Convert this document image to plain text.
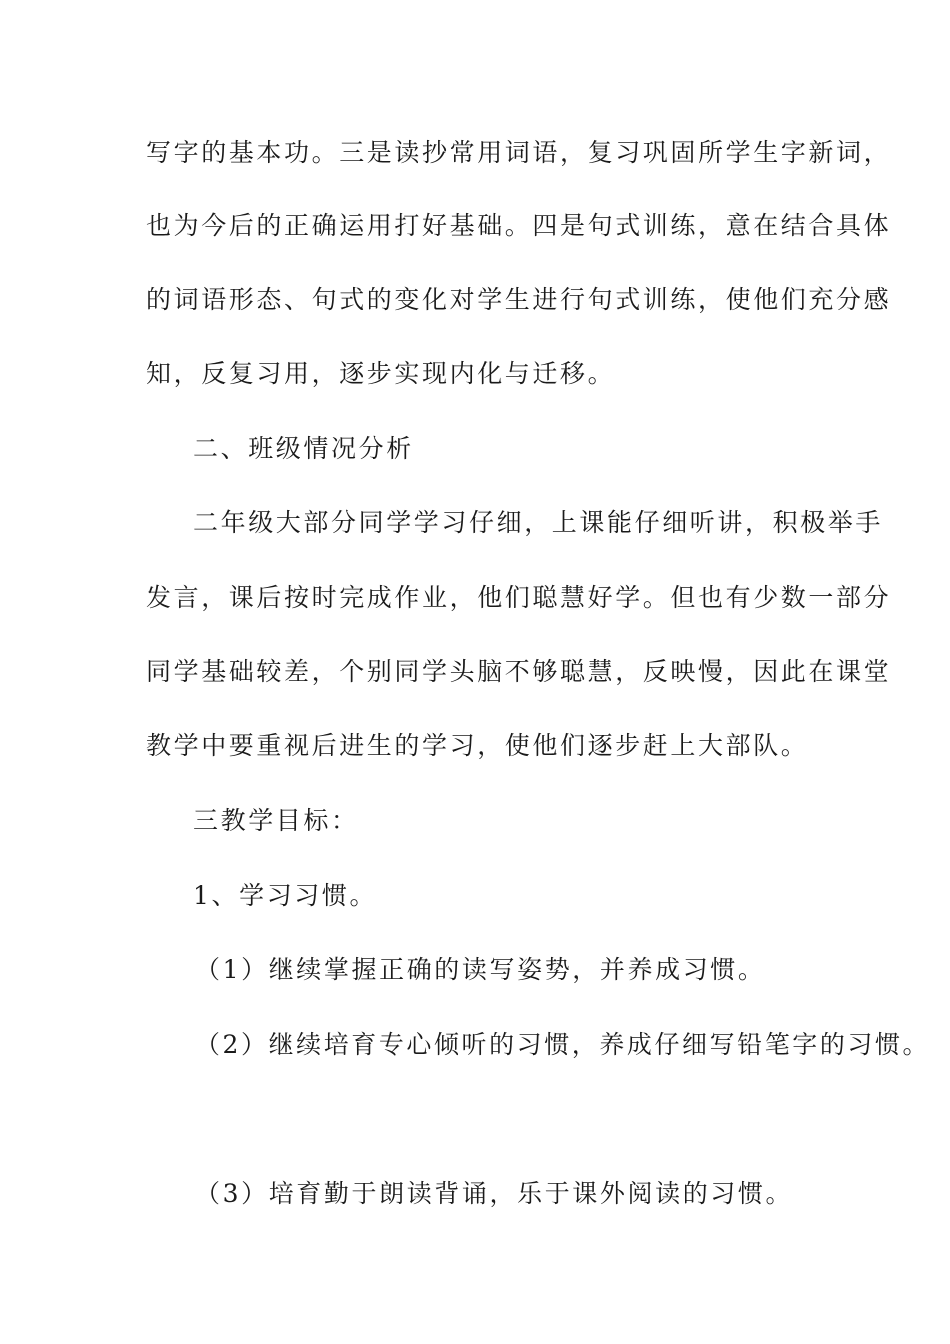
写字的基本功。三是读抄常用词语，复习巩固所学生字新词，
也为今后的正确运用打好基础。四是句式训练，意在结合具体
的词语形态、句式的变化对学生进行句式训练，使他们充分感
知，反复习用，逐步实现内化与迁移。
二、班级情况分析
二年级大部分同学学习仔细，上课能仔细听讲，积极举手
发言，课后按时完成作业，他们聪慧好学。但也有少数一部分
同学基础较差，个别同学头脑不够聪慧，反映慢，因此在课堂
教学中要重视后进生的学习，使他们逐步赶上大部队。
三教学目标：
1、学习习惯。
（1）继续掌握正确的读写姿势，并养成习惯。
（2）继续培育专心倾听的习惯，养成仔细写铅笔字的习惯。
（3）培育勤于朗读背诵，乐于课外阅读的习惯。
